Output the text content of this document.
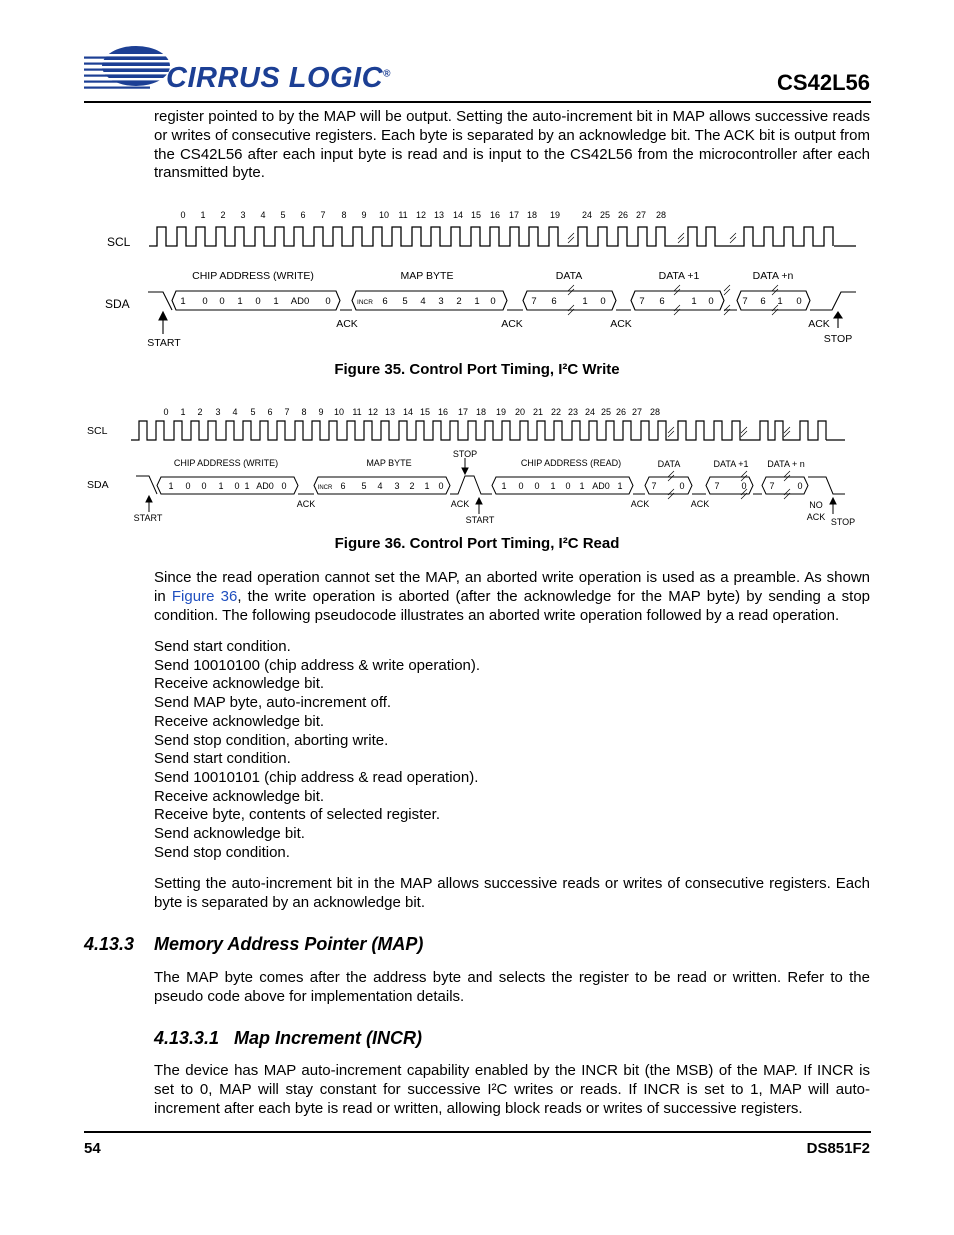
CIRRUS LOGIC®	CS42L56
register pointed to by the MAP will be output. Setting the auto-increment bit in MAP allows successive reads or writes of consecutive registers. Each byte is separated by an acknowledge bit. The ACK bit is output from the CS42L56 after each input byte is read and is input to the CS42L56 from the microcontroller after each transmitted byte.
SCL
SDA
0 1 2 3 4 5 6 7 8 9 10 11 12 13 14 15 16 17 18 19 24 25 26 27 28
CHIP ADDRESS (WRITE)	MAP BYTE	DATA	DATA +1	DATA +n
1 0 0 1 0 1 AD0 0	INCR 6 5 4 3 2 1 0	7 6	1 0	7 6	1 0	7 6 1 0
ACK	ACK	ACK	ACK
START	STOP
Figure 35. Control Port Timing, I²C Write
SCL
SDA
0 1 2 3 4 5 6 7 8 9 10 11 12 13 14 15 16 17 18 19 20 21 22 23 24 25 26 27 28
CHIP ADDRESS (WRITE)	MAP BYTE
STOP
CHIP ADDRESS (READ)	DATA	DATA +1 DATA + n
1 0 0 1 0 1 AD0 0	INCR 6 5 4 3 2 1 0	1 0 0 1 0 1 AD0 1	7	0	7 0	7	0
ACK	ACK	ACK	ACK
START	START
NO
ACK STOP
Figure 36. Control Port Timing, I²C Read
Since the read operation cannot set the MAP, an aborted write operation is used as a preamble. As shown in Figure 36, the write operation is aborted (after the acknowledge for the MAP byte) by sending a stop condition. The following pseudocode illustrates an aborted write operation followed by a read operation.
Send start condition.
Send 10010100 (chip address & write operation).
Receive acknowledge bit.
Send MAP byte, auto-increment off.
Receive acknowledge bit.
Send stop condition, aborting write.
Send start condition.
Send 10010101 (chip address & read operation).
Receive acknowledge bit.
Receive byte, contents of selected register.
Send acknowledge bit.
Send stop condition.
Setting the auto-increment bit in the MAP allows successive reads or writes of consecutive registers. Each byte is separated by an acknowledge bit.
4.13.3 Memory Address Pointer (MAP)
The MAP byte comes after the address byte and selects the register to be read or written. Refer to the pseudo code above for implementation details.
4.13.3.1 Map Increment (INCR)
The device has MAP auto-increment capability enabled by the INCR bit (the MSB) of the MAP. If INCR is set to 0, MAP will stay constant for successive I²C writes or reads. If INCR is set to 1, MAP will auto-increment after each byte is read or written, allowing block reads or writes of successive registers.
54	DS851F2
